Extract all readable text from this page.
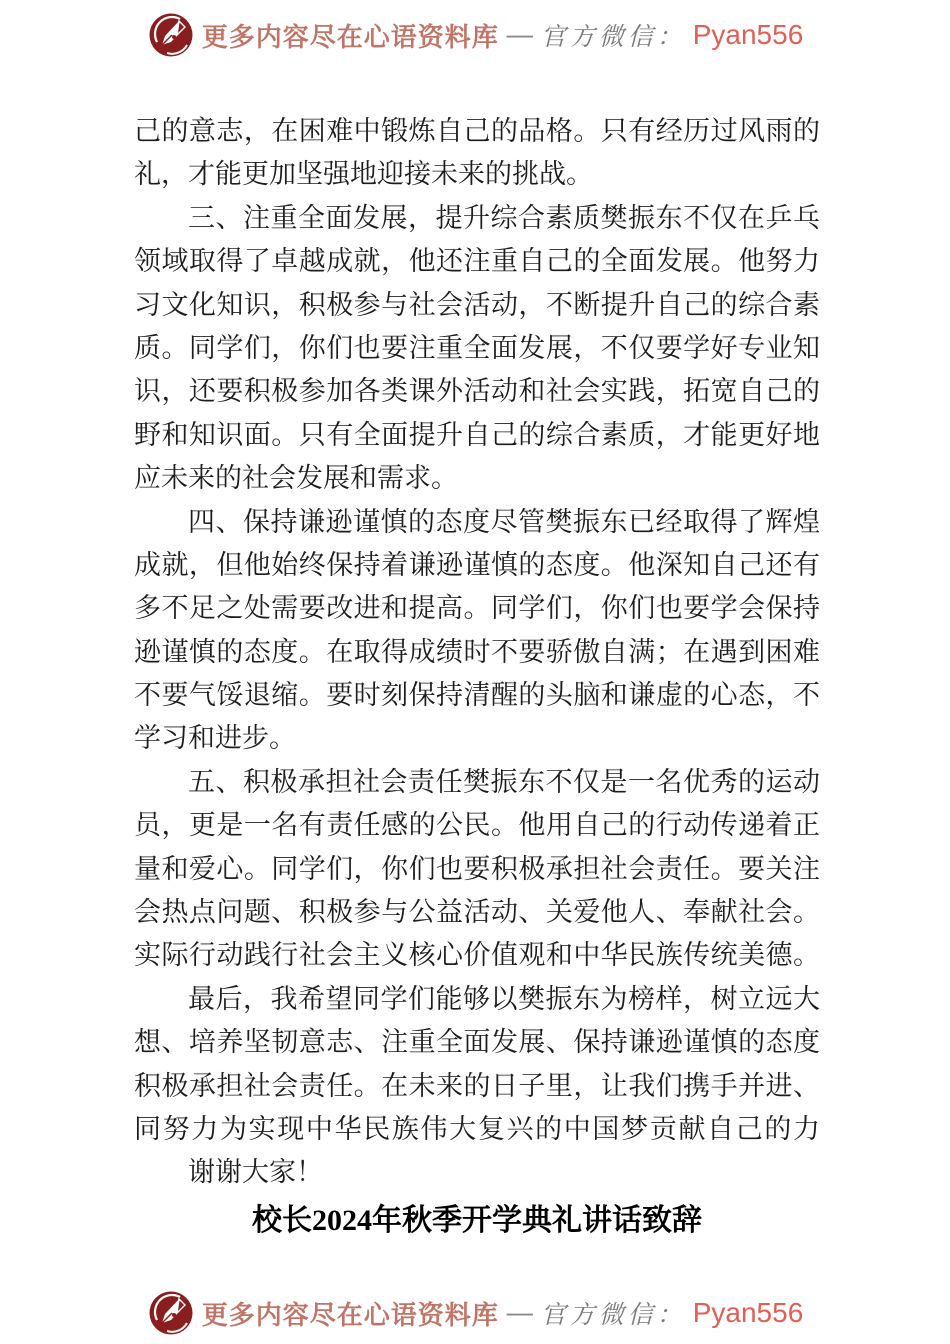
更多内容尽在心语资料库 — 官方微信： Pyan556
己的意志，在困难中锻炼自己的品格。只有经历过风雨的
礼，才能更加坚强地迎接未来的挑战。
三、注重全面发展，提升综合素质樊振东不仅在乒乓
领域取得了卓越成就，他还注重自己的全面发展。他努力
习文化知识，积极参与社会活动，不断提升自己的综合素
质。同学们，你们也要注重全面发展，不仅要学好专业知
识，还要积极参加各类课外活动和社会实践，拓宽自己的
野和知识面。只有全面提升自己的综合素质，才能更好地
应未来的社会发展和需求。
四、保持谦逊谨慎的态度尽管樊振东已经取得了辉煌
成就，但他始终保持着谦逊谨慎的态度。他深知自己还有
多不足之处需要改进和提高。同学们，你们也要学会保持
逊谨慎的态度。在取得成绩时不要骄傲自满；在遇到困难
不要气馁退缩。要时刻保持清醒的头脑和谦虚的心态，不
学习和进步。
五、积极承担社会责任樊振东不仅是一名优秀的运动
员，更是一名有责任感的公民。他用自己的行动传递着正
量和爱心。同学们，你们也要积极承担社会责任。要关注
会热点问题、积极参与公益活动、关爱他人、奉献社会。
实际行动践行社会主义核心价值观和中华民族传统美德。
最后，我希望同学们能够以樊振东为榜样，树立远大
想、培养坚韧意志、注重全面发展、保持谦逊谨慎的态度
积极承担社会责任。在未来的日子里，让我们携手并进、
同努力为实现中华民族伟大复兴的中国梦贡献自己的力
谢谢大家！
校长2024年秋季开学典礼讲话致辞
更多内容尽在心语资料库 — 官方微信： Pyan556
